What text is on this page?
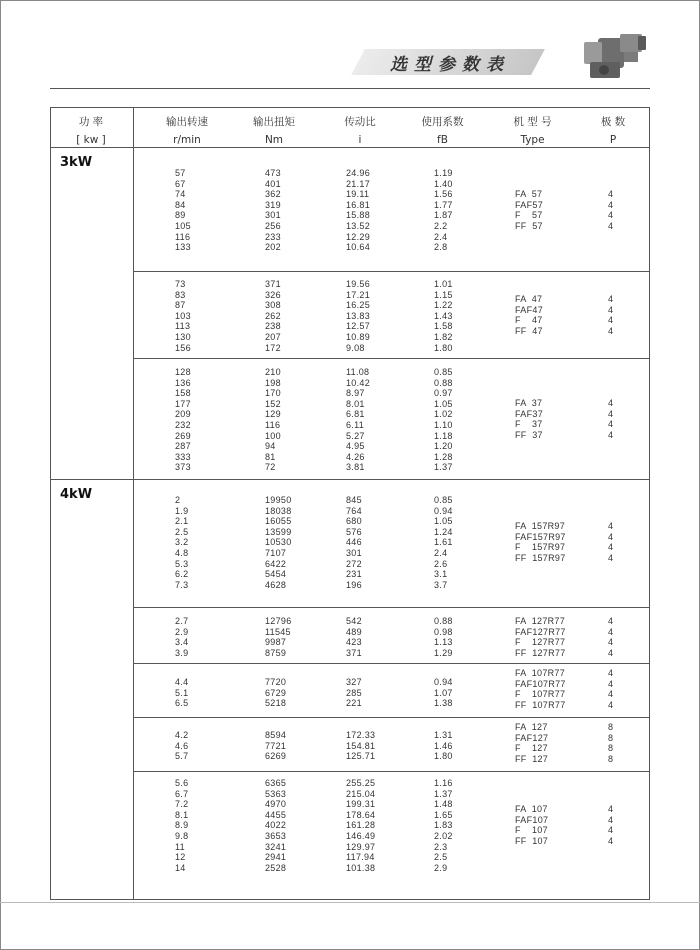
选型参数表
功 率
[ kw ]
输出转速
r/min
输出扭矩
Nm
传动比
i
使用系数
fB
机 型 号
Type
极 数
P
3kW
4kW
57
67
74
84
89
105
116
133
473
401
362
319
301
256
233
202
24.96
21.17
19.11
16.81
15.88
13.52
12.29
10.64
1.19
1.40
1.56
1.77
1.87
2.2
2.4
2.8
FA  57
FAF57
F    57
FF  57
4
4
4
4
73
83
87
103
113
130
156
371
326
308
262
238
207
172
19.56
17.21
16.25
13.83
12.57
10.89
9.08
1.01
1.15
1.22
1.43
1.58
1.82
1.80
FA  47
FAF47
F    47
FF  47
4
4
4
4
128
136
158
177
209
232
269
287
333
373
210
198
170
152
129
116
100
94
81
72
11.08
10.42
8.97
8.01
6.81
6.11
5.27
4.95
4.26
3.81
0.85
0.88
0.97
1.05
1.02
1.10
1.18
1.20
1.28
1.37
FA  37
FAF37
F    37
FF  37
4
4
4
4
2
1.9
2.1
2.5
3.2
4.8
5.3
6.2
7.3
19950
18038
16055
13599
10530
7107
6422
5454
4628
845
764
680
576
446
301
272
231
196
0.85
0.94
1.05
1.24
1.61
2.4
2.6
3.1
3.7
FA  157R97
FAF157R97
F    157R97
FF  157R97
4
4
4
4
2.7
2.9
3.4
3.9
12796
11545
9987
8759
542
489
423
371
0.88
0.98
1.13
1.29
FA  127R77
FAF127R77
F    127R77
FF  127R77
4
4
4
4
4.4
5.1
6.5
7720
6729
5218
327
285
221
0.94
1.07
1.38
FA  107R77
FAF107R77
F    107R77
FF  107R77
4
4
4
4
4.2
4.6
5.7
8594
7721
6269
172.33
154.81
125.71
1.31
1.46
1.80
FA  127
FAF127
F    127
FF  127
8
8
8
8
5.6
6.7
7.2
8.1
8.9
9.8
11
12
14
6365
5363
4970
4455
4022
3653
3241
2941
2528
255.25
215.04
199.31
178.64
161.28
146.49
129.97
117.94
101.38
1.16
1.37
1.48
1.65
1.83
2.02
2.3
2.5
2.9
FA  107
FAF107
F    107
FF  107
4
4
4
4
